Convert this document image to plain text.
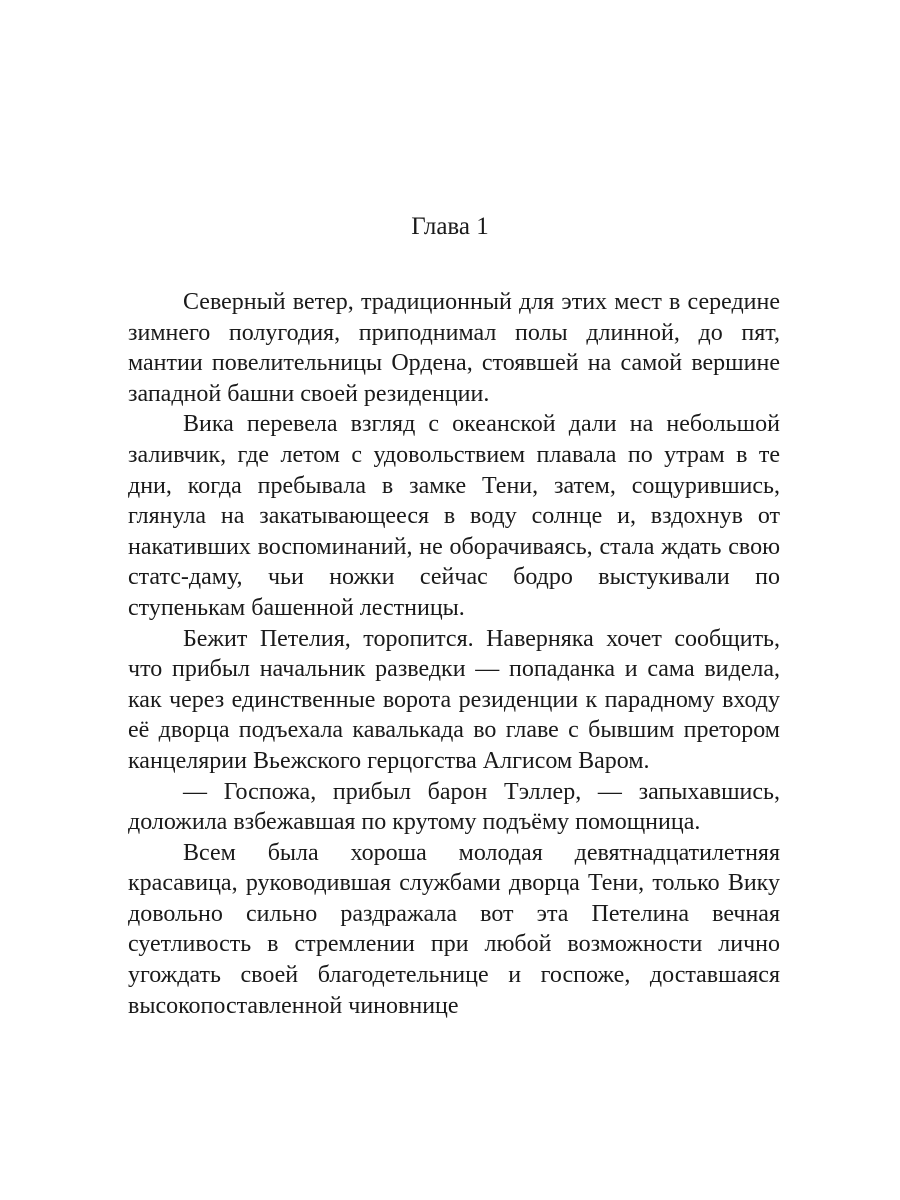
Глава 1

Северный ветер, традиционный для этих мест в середине зимнего полугодия, приподнимал полы длинной, до пят, мантии повелительницы Ордена, стоявшей на самой вершине западной башни своей резиденции.

Вика перевела взгляд с океанской дали на небольшой заливчик, где летом с удовольствием плавала по утрам в те дни, когда пребывала в замке Тени, затем, сощурившись, глянула на закатывающееся в воду солнце и, вздохнув от накативших воспоминаний, не оборачиваясь, стала ждать свою статс-даму, чьи ножки сейчас бодро выстукивали по ступенькам башенной лестницы.

Бежит Петелия, торопится. Наверняка хочет сообщить, что прибыл начальник разведки — попаданка и сама видела, как через единственные ворота резиденции к парадному входу её дворца подъехала кавалькада во главе с бывшим претором канцелярии Вьежского герцогства Алгисом Варом.

— Госпожа, прибыл барон Тэллер, — запыхавшись, доложила взбежавшая по крутому подъёму помощница.

Всем была хороша молодая девятнадцатилетняя красавица, руководившая службами дворца Тени, только Вику довольно сильно раздражала вот эта Петелина вечная суетливость в стремлении при любой возможности лично угождать своей благодетельнице и госпоже, доставшаяся высокопоставленной чиновнице
